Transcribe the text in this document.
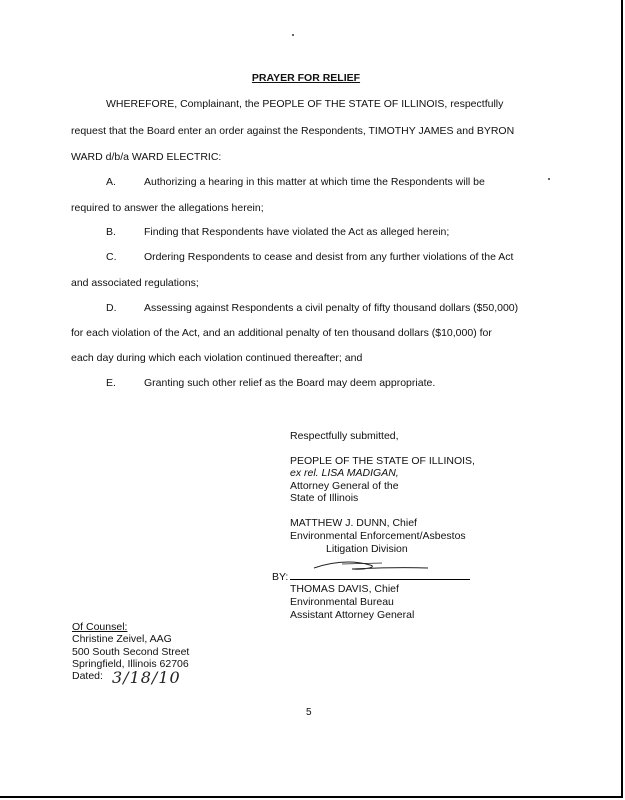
PRAYER FOR RELIEF
WHEREFORE, Complainant, the PEOPLE OF THE STATE OF ILLINOIS, respectfully
request that the Board enter an order against the Respondents, TIMOTHY JAMES and BYRON
WARD d/b/a WARD ELECTRIC:
A.	Authorizing a hearing in this matter at which time the Respondents will be
required to answer the allegations herein;
B.	Finding that Respondents have violated the Act as alleged herein;
C.	Ordering Respondents to cease and desist from any further violations of the Act
and associated regulations;
D.	Assessing against Respondents a civil penalty of fifty thousand dollars ($50,000)
for each violation of the Act, and an additional penalty of ten thousand dollars ($10,000) for
each day during which each violation continued thereafter; and
E.	Granting such other relief as the Board may deem appropriate.
Respectfully submitted,
PEOPLE OF THE STATE OF ILLINOIS,
ex rel. LISA MADIGAN,
Attorney General of the
State of Illinois
MATTHEW J. DUNN, Chief
Environmental Enforcement/Asbestos
Litigation Division
BY:
THOMAS DAVIS, Chief
Environmental Bureau
Assistant Attorney General
Of Counsel:
Christine Zeivel, AAG
500 South Second Street
Springfield, Illinois 62706
Dated: 3/18/10
5
